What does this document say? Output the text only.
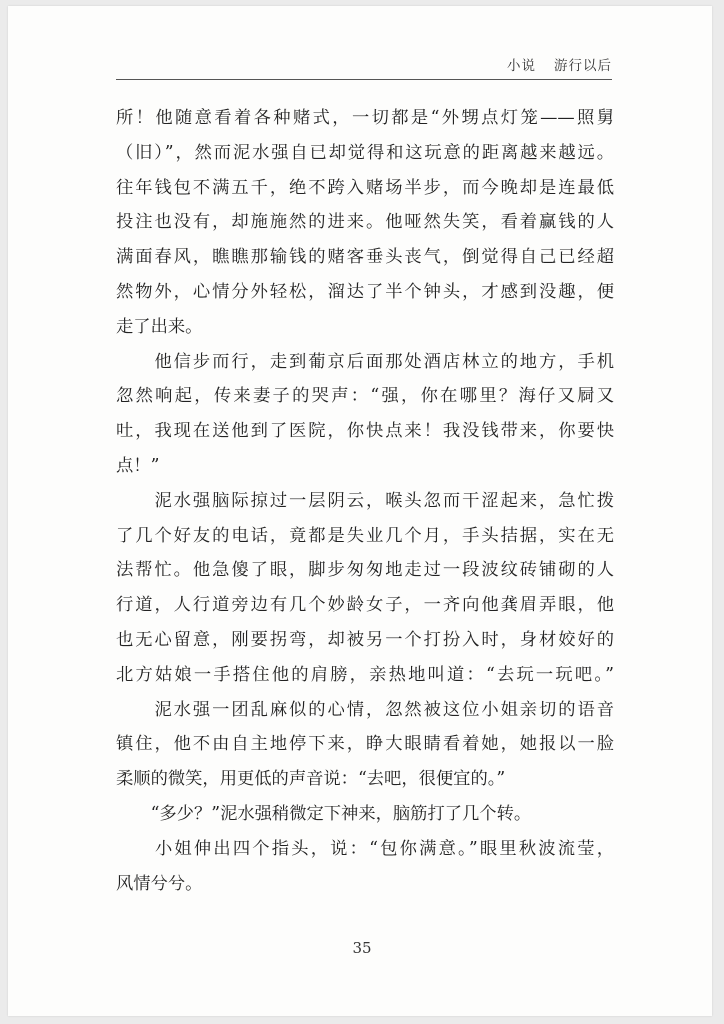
小说 游行以后
所！他随意看着各种赌式，一切都是“外甥点灯笼——照舅
（旧）”，然而泥水强自已却觉得和这玩意的距离越来越远。
往年钱包不满五千，绝不跨入赌场半步，而今晚却是连最低
投注也没有，却施施然的进来。他哑然失笑，看着赢钱的人
满面春风，瞧瞧那输钱的赌客垂头丧气，倒觉得自己已经超
然物外，心情分外轻松，溜达了半个钟头，才感到没趣，便
走了出来。
　　他信步而行，走到葡京后面那处酒店林立的地方，手机
忽然响起，传来妻子的哭声：“强，你在哪里？海仔又屙又
吐，我现在送他到了医院，你快点来！我没钱带来，你要快
点！”
　　泥水强脑际掠过一层阴云，喉头忽而干涩起来，急忙拨
了几个好友的电话，竟都是失业几个月，手头拮据，实在无
法帮忙。他急傻了眼，脚步匆匆地走过一段波纹砖铺砌的人
行道，人行道旁边有几个妙龄女子，一齐向他龚眉弄眼，他
也无心留意，刚要拐弯，却被另一个打扮入时，身材姣好的
北方姑娘一手搭住他的肩膀，亲热地叫道：“去玩一玩吧。”
　　泥水强一团乱麻似的心情，忽然被这位小姐亲切的语音
镇住，他不由自主地停下来，睁大眼睛看着她，她报以一脸
柔顺的微笑，用更低的声音说：“去吧，很便宜的。”
　　“多少？”泥水强稍微定下神来，脑筋打了几个转。
　　小姐伸出四个指头，说：“包你满意。”眼里秋波流莹，
风情兮兮。
35
